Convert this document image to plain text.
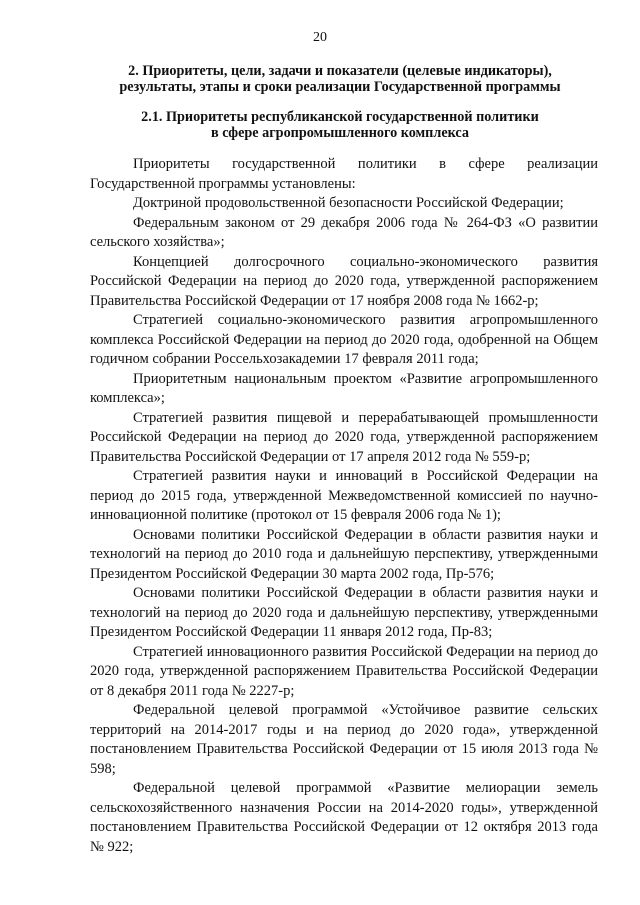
20
2. Приоритеты, цели, задачи и показатели (целевые индикаторы),
результаты, этапы и сроки реализации Государственной программы
2.1. Приоритеты республиканской государственной политики
в сфере агропромышленного комплекса

Приоритеты государственной политики в сфере реализации Государственной программы установлены:

Доктриной продовольственной безопасности Российской Федерации;

Федеральным законом от 29 декабря 2006 года № 264-ФЗ «О развитии сельского хозяйства»;

Концепцией долгосрочного социально-экономического развития Российской Федерации на период до 2020 года, утвержденной распоряжением Правительства Российской Федерации от 17 ноября 2008 года № 1662-р;

Стратегией социально-экономического развития агропромышленного комплекса Российской Федерации на период до 2020 года, одобренной на Общем годичном собрании Россельхозакадемии 17 февраля 2011 года;

Приоритетным национальным проектом «Развитие агропромышленного комплекса»;

Стратегией развития пищевой и перерабатывающей промышленности Российской Федерации на период до 2020 года, утвержденной распоряжением Правительства Российской Федерации от 17 апреля 2012 года № 559-р;

Стратегией развития науки и инноваций в Российской Федерации на период до 2015 года, утвержденной Межведомственной комиссией по научно-инновационной политике (протокол от 15 февраля 2006 года № 1);

Основами политики Российской Федерации в области развития науки и технологий на период до 2010 года и дальнейшую перспективу, утвержденными Президентом Российской Федерации 30 марта 2002 года, Пр-576;

Основами политики Российской Федерации в области развития науки и технологий на период до 2020 года и дальнейшую перспективу, утвержденными Президентом Российской Федерации 11 января 2012 года, Пр-83;

Стратегией инновационного развития Российской Федерации на период до 2020 года, утвержденной распоряжением Правительства Российской Федерации от 8 декабря 2011 года № 2227-р;

Федеральной целевой программой «Устойчивое развитие сельских территорий на 2014-2017 годы и на период до 2020 года», утвержденной постановлением Правительства Российской Федерации от 15 июля 2013 года № 598;

Федеральной целевой программой «Развитие мелиорации земель сельскохозяйственного назначения России на 2014-2020 годы», утвержденной постановлением Правительства Российской Федерации от 12 октября 2013 года № 922;
